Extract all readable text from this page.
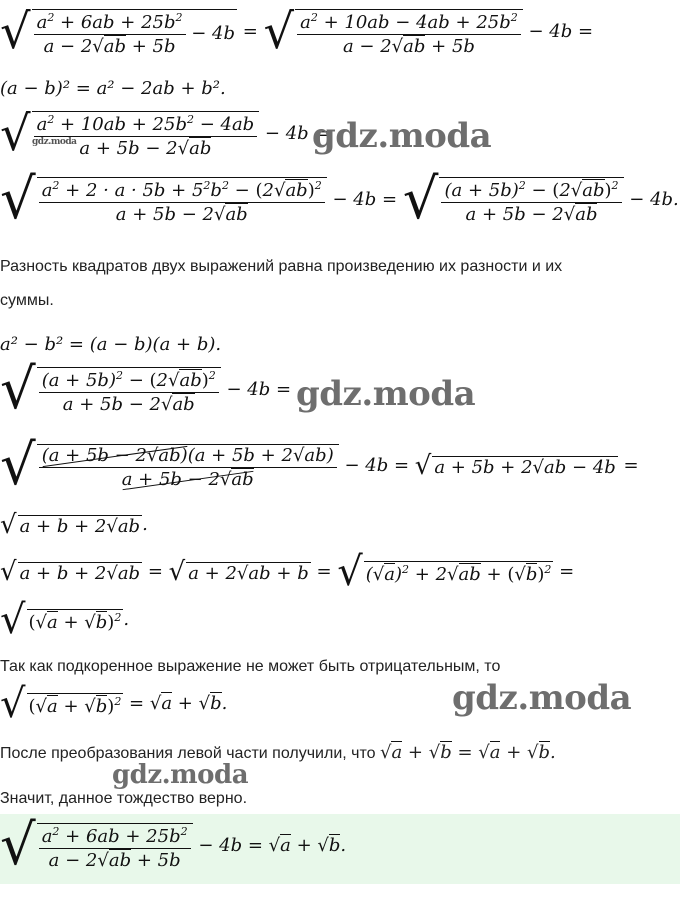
√ $\frac{a^2 + 6ab + 25b^2}{a - 2√ab + 5b} - 4b$ = √ $\frac{a^2 + 10ab - 4ab + 25b^2}{a - 2√ab + 5b} - 4b$ =
(a − b)² = a² − 2ab + b².
√ $\frac{a^2 + 10ab + 25b^2 - 4ab}{a + 5b - 2√ab} - 4b$ =
gdz.moda	gdz.moda
√ $\frac{a^2 + 2 \cdot a \cdot 5b + 5^2b^2 - (2√ab)^2}{a + 5b - 2√ab} - 4b$ = √ $\frac{(a + 5b)^2 - (2√ab)^2}{a + 5b - 2√ab} - 4b$.
Разность квадратов двух выражений равна произведению их разности и их
суммы.
a² − b² = (a − b)(a + b).
√ $\frac{(a + 5b)^2 - (2√ab)^2}{a + 5b - 2√ab} - 4b$ = gdz.moda
√ $\frac{(a + 5b - 2√ab)(a + 5b + 2√ab)}{a + 5b - 2√ab} - 4b$ = √ a + 5b + 2√ab − 4b =
√ a + b + 2√ab .
√ a + b + 2√ab = √ a + 2√ab + b = √ $(√a)^2 + 2√ab + (√b)^2$ =
√ $(√a + √b)^2$ .
Так как подкоренное выражение не может быть отрицательным, то
√ $(√a + √b)^2 = √a + √b$.	gdz.moda
После преобразования левой части получили, что √a + √b = √a + √b.
gdz.moda
Значит, данное тождество верно.
√ $\frac{a^2 + 6ab + 25b^2}{a - 2√ab + 5b} - 4b = √a + √b$.
